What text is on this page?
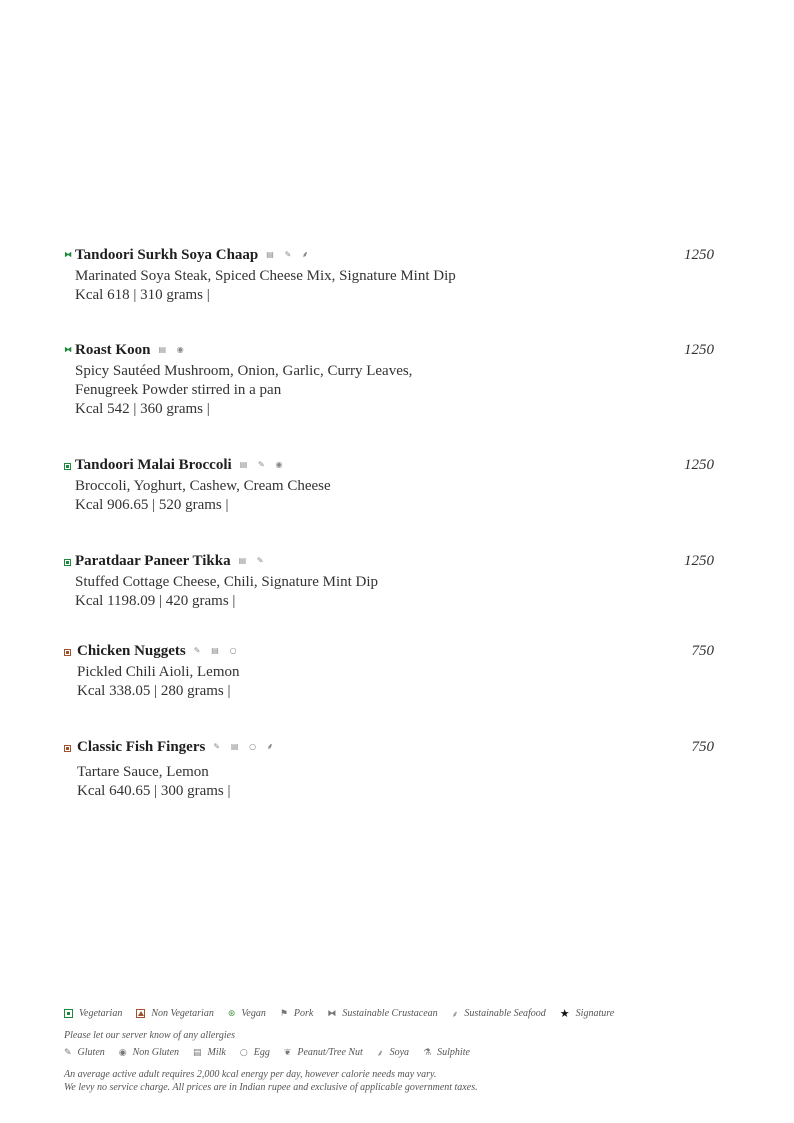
⧓ Tandoori Surkh Soya Chaap ▤ ✎ ⸙	1250
Marinated Soya Steak, Spiced Cheese Mix, Signature Mint Dip
Kcal 618 | 310 grams |
⧓ Roast Koon ▤ ◉	1250
Spicy Sautéed Mushroom, Onion, Garlic, Curry Leaves,
Fenugreek Powder stirred in a pan
Kcal 542 | 360 grams |
Tandoori Malai Broccoli ▤ ✎ ◉	1250
Broccoli, Yoghurt, Cashew, Cream Cheese
Kcal 906.65 | 520 grams |
Paratdaar Paneer Tikka ▤ ✎	1250
Stuffed Cottage Cheese, Chili, Signature Mint Dip
Kcal 1198.09 | 420 grams |
Chicken Nuggets ✎ ▤ ○	750
Pickled Chili Aioli, Lemon
Kcal 338.05 | 280 grams |
Classic Fish Fingers ✎ ▤ ○ ⸙	750
Tartare Sauce, Lemon
Kcal 640.65 | 300 grams |
Vegetarian	Non Vegetarian ⊛ Vegan ⚑ Pork ⧓ Sustainable Crustacean ⸙ Sustainable Seafood ★ Signature
Please let our server know of any allergies
✎ Gluten ◉ Non Gluten ▤ Milk ○ Egg ❦ Peanut/Tree Nut ⸙ Soya ⚗ Sulphite
An average active adult requires 2,000 kcal energy per day, however calorie needs may vary.
We levy no service charge. All prices are in Indian rupee and exclusive of applicable government taxes.
